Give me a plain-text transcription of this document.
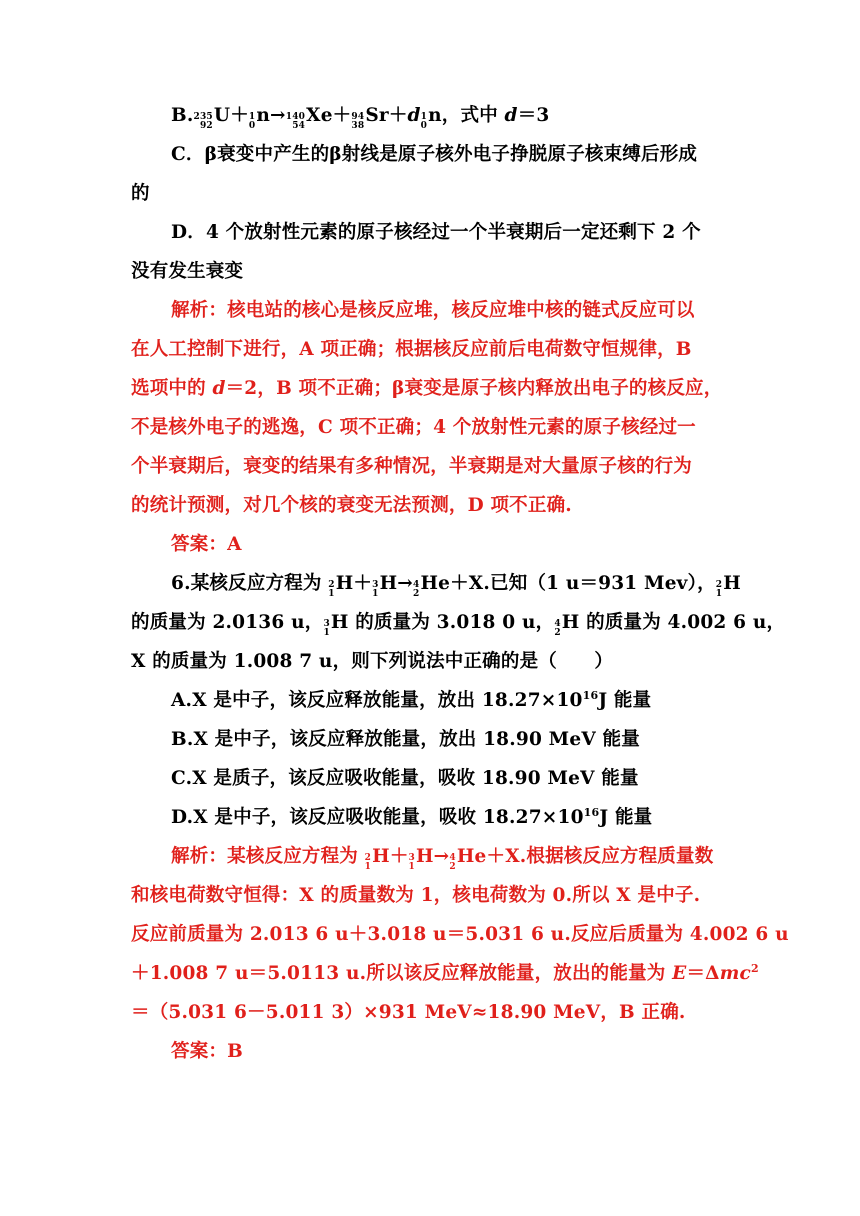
B. 235
92 U＋ 1
0 n→ 140
54 Xe＋ 94
38 Sr＋d 1
0 n，式中 d＝3
C．β衰变中产生的β射线是原子核外电子挣脱原子核束缚后形成
的
D．4 个放射性元素的原子核经过一个半衰期后一定还剩下 2 个
没有发生衰变
解析：核电站的核心是核反应堆，核反应堆中核的链式反应可以
在人工控制下进行，A 项正确；根据核反应前后电荷数守恒规律，B
选项中的 d＝2，B 项不正确；β衰变是原子核内释放出电子的核反应，
不是核外电子的逃逸，C 项不正确；4 个放射性元素的原子核经过一
个半衰期后，衰变的结果有多种情况，半衰期是对大量原子核的行为
的统计预测，对几个核的衰变无法预测，D 项不正确.
答案：A
6.某核反应方程为 2
1 H＋ 3
1 H→ 4
2 He＋X.已知（1 u＝931 Mev）， 2
1 H
的质量为 2.0136 u， 3
1 H 的质量为 3.018 0 u， 4
2 H 的质量为 4.002 6 u，
X 的质量为 1.008 7 u，则下列说法中正确的是（　　）
A.X 是中子，该反应释放能量，放出 $18.27\times 10^{16}J$ 能量
B.X 是中子，该反应释放能量，放出 18.90 MeV 能量
C.X 是质子，该反应吸收能量，吸收 18.90 MeV 能量
D.X 是中子，该反应吸收能量，吸收 $18.27\times 10^{16}J$ 能量
解析：某核反应方程为 2
1 H＋ 3
1 H→ 4
2 He＋X.根据核反应方程质量数
和核电荷数守恒得：X 的质量数为 1，核电荷数为 0.所以 X 是中子.
反应前质量为 2.013 6 u＋3.018 u＝5.031 6 u.反应后质量为 4.002 6 u
＋1.008 7 u＝5.0113 u.所以该反应释放能量，放出的能量为 E＝Δmc$^2$
＝（5.031 6－5.011 3）×931 MeV≈18.90 MeV，B 正确.
答案：B
